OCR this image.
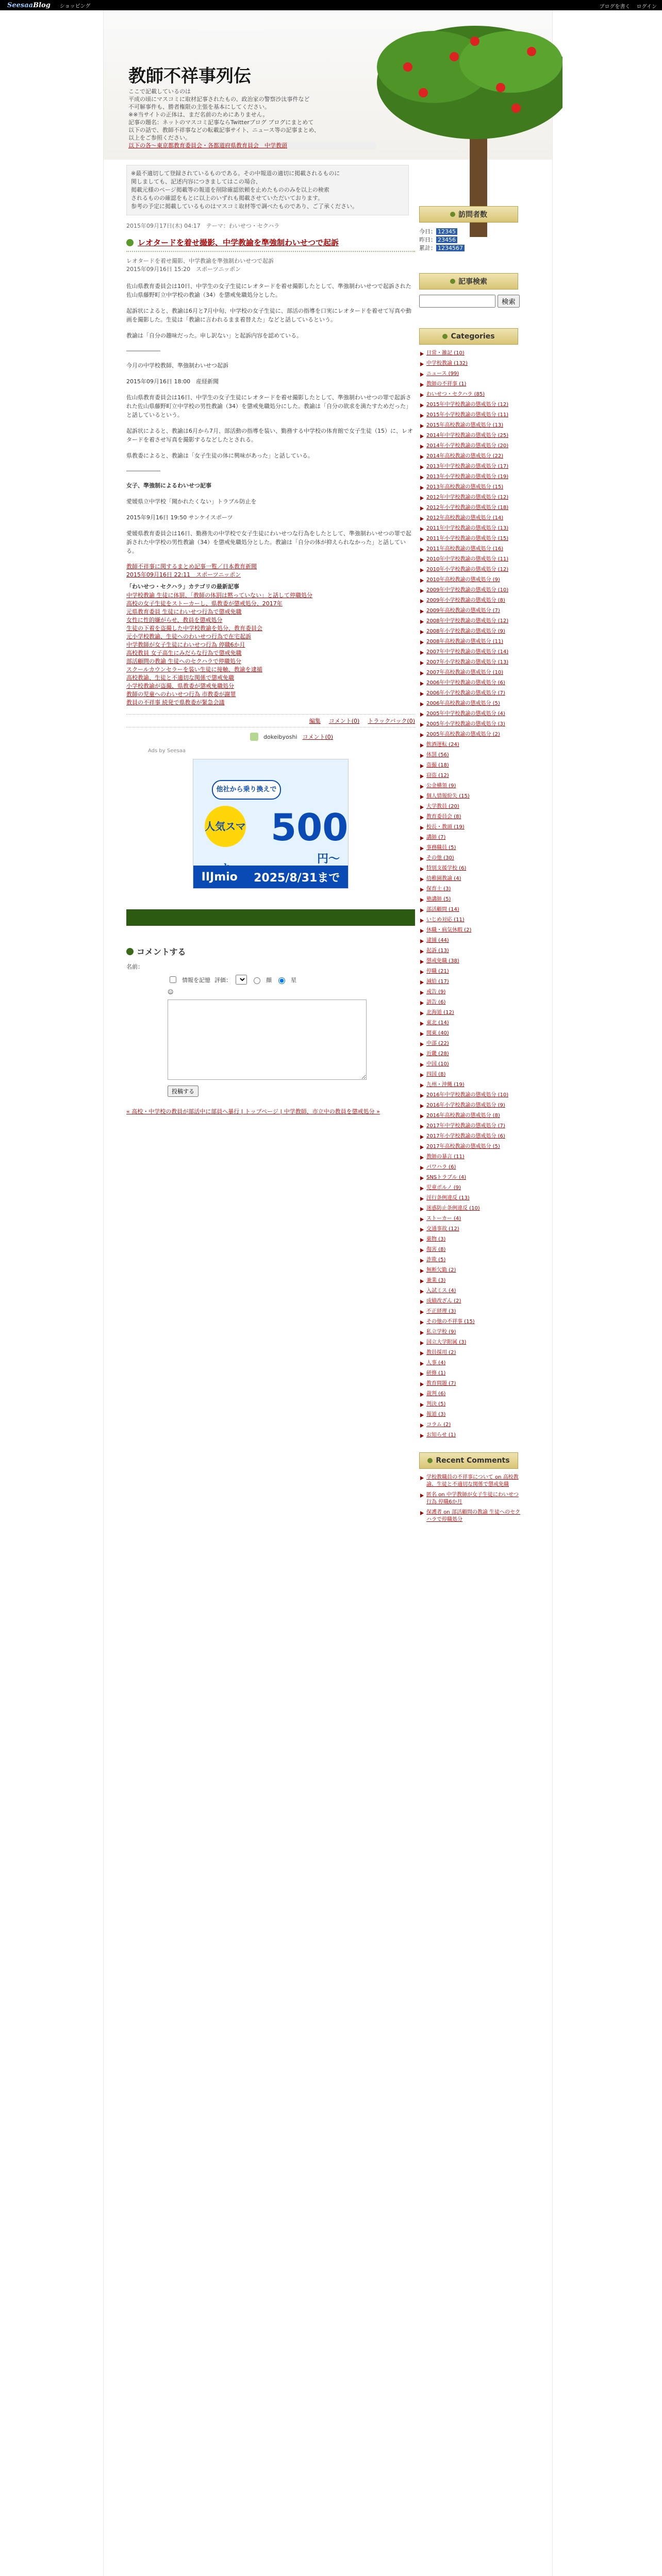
SeesaaBlog ショッピング	ブログを書く ログイン
教師不祥事列伝
ここで記載しているのは
平成の頃にマスコミに取材記事されたもの、政治家の警察沙汰事件など
不可解事件も、勝者権限の主張を基本にしてください。
※※当サイトの正体は、まだ名前のためにありません。
記事の題名：ネットのマスコミ記事ならTwitterブログ ブログにまとめて
以下の話で、教師不祥事などの転載記事サイト、ニュース等の記事まとめ、
以上をご参照ください。
以下の各〜東京都教育委員会・各都道府県教育員会　中学教頭
※最不適切して登録されているものである。その中報道の適切に掲載されるものに
関しましても、記述内容につきましてはこの場合、
掲載元様のページ掲載等の報道を削除確認依頼を止めたもののみを以上の検索
されるものの確認をもとに以上のいずれも掲載させていただいております。
参考の予定に掲載しているものはマスコミ取材等で調べたものであり、ご了承ください。
2015年09月17日(木) 04:17　テーマ：わいせつ・セクハラ
レオタードを着せ撮影、中学教諭を準強制わいせつで起訴
レオタードを着せ撮影、中学教諭を準強制わいせつで起訴
2015年09月16日 15:20　スポーツニッポン

佐山県教育委員会は10日、中学生の女子生徒にレオタードを着せ撮影したとして、準強制わいせつで起訴された佐山県藤野町立中学校の教諭（34）を懲戒免職処分とした。

起訴状によると、教諭は6月と7月中旬、中学校の女子生徒に、部活の指導を口実にレオタードを着せて写真や動画を撮影した。生徒は「教諭に言われるまま着替えた」などと話しているという。

教諭は「自分の趣味だった。申し訳ない」と起訴内容を認めている。

――――――

今月の中学校教師、準強制わいせつ起訴

2015年09月16日 18:00　産経新聞

佐山県教育委員会は16日、中学生の女子生徒にレオタードを着せ撮影したとして、準強制わいせつの罪で起訴された佐山県藤野町立中学校の男性教諭（34）を懲戒免職処分にした。教諭は「自分の欲求を満たすためだった」と話しているという。

起訴状によると、教諭は6月から7月、部活動の指導を装い、勤務する中学校の体育館で女子生徒（15）に、レオタードを着させ写真を撮影するなどしたとされる。

県教委によると、教諭は「女子生徒の体に興味があった」と話している。

――――――

女子、準強制によるわいせつ記事

愛媛県立中学校「聞かれたくない」トラブル防止を

2015年9月16日 19:50 サンケイスポーツ

愛媛県教育委員会は16日、勤務先の中学校で女子生徒にわいせつな行為をしたとして、準強制わいせつの罪で起訴された中学校の男性教諭（34）を懲戒免職処分とした。教諭は「自分の体が抑えられなかった」と話している。

教師不祥事に関するまとめ記事一覧／日本教育新聞
2015年09月16日 22:11　スポーツニッポン
「わいせつ・セクハラ」カテゴリの最新記事
中学校教諭 生徒に体罰、「教師の体罰は黙っていない」と話して停職処分
高校の女子生徒をストーカーし、県教委が懲戒処分、2017年
元県教育委員 生徒にわいせつ行為で懲戒免職
女性に性的嫌がらせ、教員を懲戒処分
生徒の下着を盗撮した中学校教諭を処分、教育委員会
元小学校教諭、生徒へのわいせつ行為で在宅起訴
中学教師が女子生徒にわいせつ行為 停職6か月
高校教員 女子高生にみだらな行為で懲戒免職
部活顧問の教諭 生徒へのセクハラで停職処分
スクールカウンセラーを装い生徒に接触、教諭を逮捕
高校教諭、生徒と不適切な関係で懲戒免職
小学校教諭が盗撮、県教委が懲戒免職処分
教師の児童へのわいせつ行為 市教委が謝罪
教員の不祥事 続発で県教委が緊急会議
編集 コメント(0) トラックバック(0)
dokeibyoshi コメント(0)
Ads by Seesaa
他社から乗り換えで
人気スマ 500
円〜
IIJmio 2025/8/31まで
コメントする
名前：
情報を記憶 評価：	顔	星
☺
投稿する
« 高校・中学校の教員が部活中に部員へ暴行 | トップページ | 中学教師、市立中の教員を懲戒処分 »
訪問者数
今日： 12345
昨日： 23456
累計： 1234567
記事検索
検索
Categories
日常・雑記 (10)
中学校教諭 (132)
ニュース (99)
教師の不祥事 (1)
わいせつ・セクハラ (85)
2015年中学校教諭の懲戒処分 (12)
2015年小学校教諭の懲戒処分 (11)
2015年高校教諭の懲戒処分 (13)
2014年中学校教諭の懲戒処分 (25)
2014年小学校教諭の懲戒処分 (20)
2014年高校教諭の懲戒処分 (22)
2013年中学校教諭の懲戒処分 (17)
2013年小学校教諭の懲戒処分 (19)
2013年高校教諭の懲戒処分 (15)
2012年中学校教諭の懲戒処分 (12)
2012年小学校教諭の懲戒処分 (18)
2012年高校教諭の懲戒処分 (14)
2011年中学校教諭の懲戒処分 (13)
2011年小学校教諭の懲戒処分 (15)
2011年高校教諭の懲戒処分 (16)
2010年中学校教諭の懲戒処分 (11)
2010年小学校教諭の懲戒処分 (12)
2010年高校教諭の懲戒処分 (9)
2009年中学校教諭の懲戒処分 (10)
2009年小学校教諭の懲戒処分 (8)
2009年高校教諭の懲戒処分 (7)
2008年中学校教諭の懲戒処分 (12)
2008年小学校教諭の懲戒処分 (9)
2008年高校教諭の懲戒処分 (11)
2007年中学校教諭の懲戒処分 (14)
2007年小学校教諭の懲戒処分 (13)
2007年高校教諭の懲戒処分 (10)
2006年中学校教諭の懲戒処分 (6)
2006年小学校教諭の懲戒処分 (7)
2006年高校教諭の懲戒処分 (5)
2005年中学校教諭の懲戒処分 (4)
2005年小学校教諭の懲戒処分 (3)
2005年高校教諭の懲戒処分 (2)
飲酒運転 (24)
体罰 (56)
盗撮 (18)
窃盗 (12)
公金横領 (9)
個人情報紛失 (15)
大学教員 (20)
教育委員会 (8)
校長・教頭 (19)
講師 (7)
事務職員 (5)
その他 (30)
特別支援学校 (6)
幼稚園教諭 (4)
保育士 (3)
塾講師 (5)
部活顧問 (14)
いじめ対応 (11)
休職・病気休暇 (2)
逮捕 (44)
起訴 (13)
懲戒免職 (38)
停職 (21)
減給 (17)
戒告 (9)
訓告 (6)
北海道 (12)
東北 (14)
関東 (40)
中部 (22)
近畿 (28)
中国 (10)
四国 (8)
九州・沖縄 (19)
2016年中学校教諭の懲戒処分 (10)
2016年小学校教諭の懲戒処分 (9)
2016年高校教諭の懲戒処分 (8)
2017年中学校教諭の懲戒処分 (7)
2017年小学校教諭の懲戒処分 (6)
2017年高校教諭の懲戒処分 (5)
教師の暴言 (11)
パワハラ (6)
SNSトラブル (4)
児童ポルノ (9)
淫行条例違反 (13)
迷惑防止条例違反 (10)
ストーカー (4)
交通事故 (12)
薬物 (3)
傷害 (8)
詐欺 (5)
無断欠勤 (2)
兼業 (3)
入試ミス (4)
成績改ざん (2)
不正経理 (3)
その他の不祥事 (15)
私立学校 (9)
国立大学附属 (3)
教員採用 (2)
人事 (4)
研修 (1)
教育問題 (7)
裁判 (6)
判決 (5)
報道 (3)
コラム (2)
お知らせ (1)
Recent Comments
学校教職員の不祥事について on 高校教諭、生徒と不適切な関係で懲戒免職
匿名 on 中学教師が女子生徒にわいせつ行為 停職6か月
保護者 on 部活顧問の教諭 生徒へのセクハラで停職処分
